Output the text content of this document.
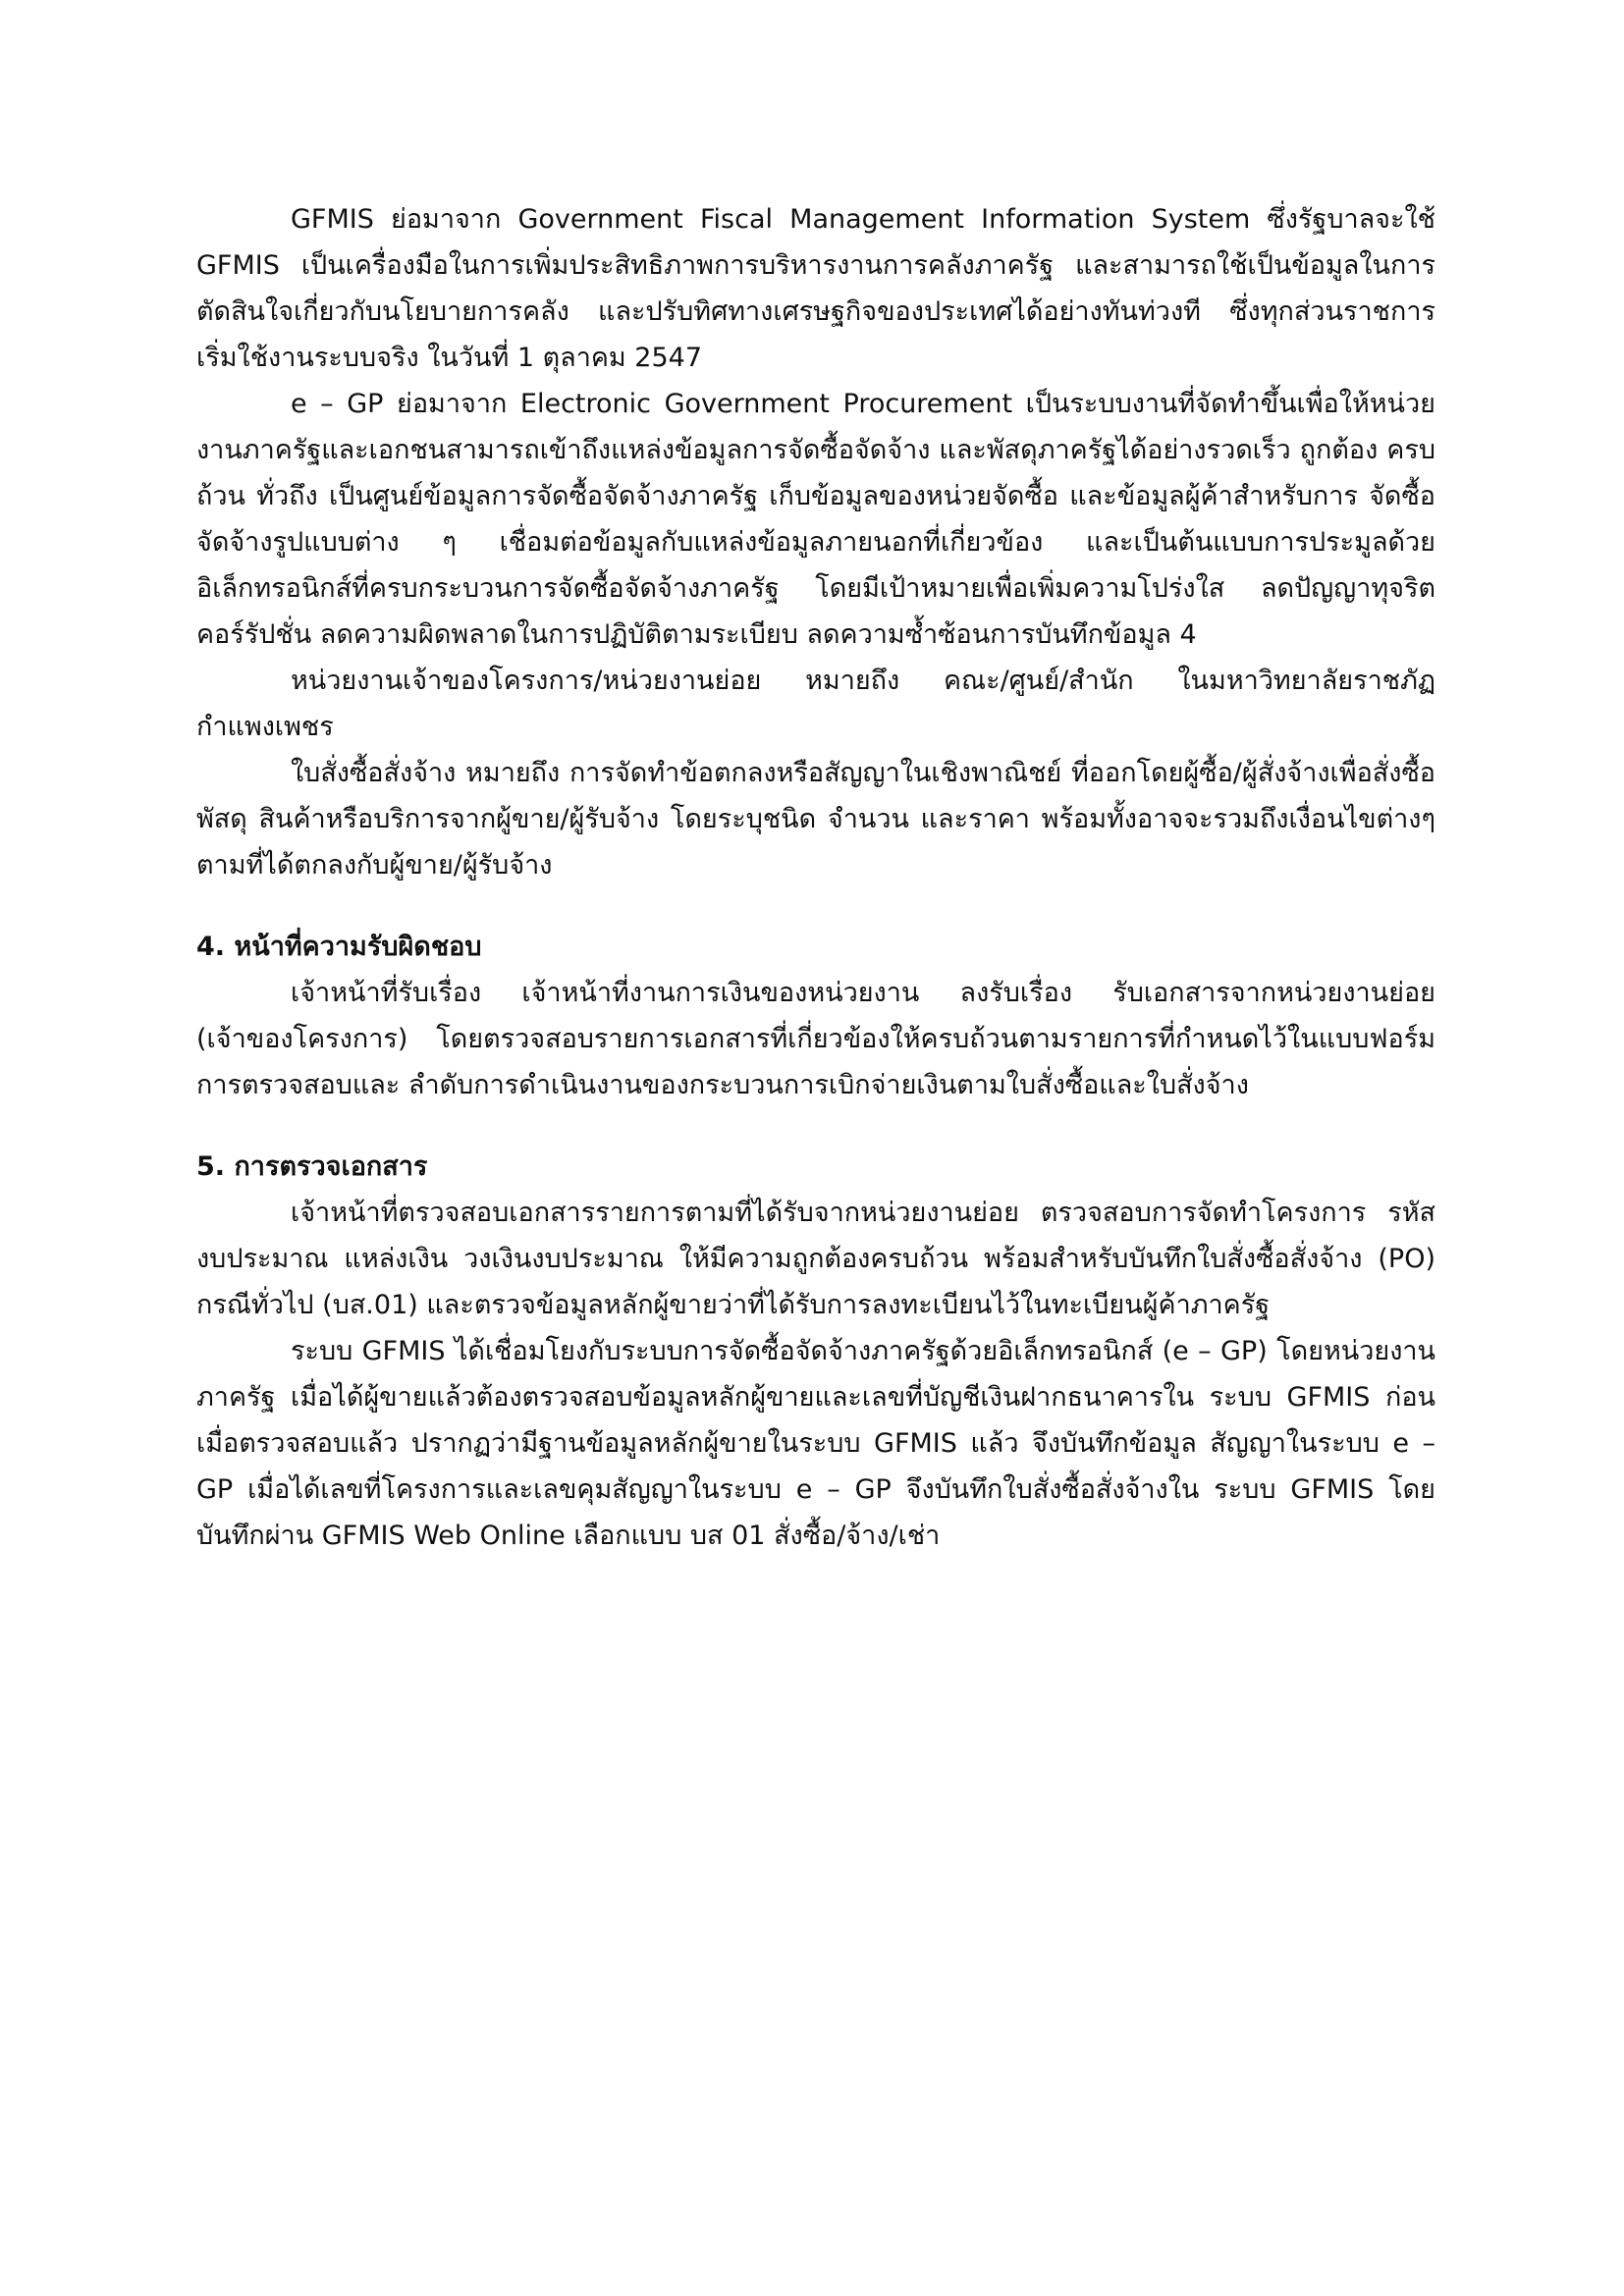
GFMIS ย่อมาจาก Government Fiscal Management Information System ซึ่งรัฐบาลจะใช้ GFMIS เป็นเครื่องมือในการเพิ่มประสิทธิภาพการบริหารงานการคลังภาครัฐ และสามารถใช้เป็นข้อมูลในการตัดสินใจเกี่ยวกับนโยบายการคลัง และปรับทิศทางเศรษฐกิจของประเทศได้อย่างทันท่วงที ซึ่งทุกส่วนราชการเริ่มใช้งานระบบจริง ในวันที่ 1 ตุลาคม 2547

e – GP ย่อมาจาก Electronic Government Procurement เป็นระบบงานที่จัดทำขึ้นเพื่อให้หน่วยงานภาครัฐและเอกชนสามารถเข้าถึงแหล่งข้อมูลการจัดซื้อจัดจ้าง และพัสดุภาครัฐได้อย่างรวดเร็ว ถูกต้อง ครบถ้วน ทั่วถึง เป็นศูนย์ข้อมูลการจัดซื้อจัดจ้างภาครัฐ เก็บข้อมูลของหน่วยจัดซื้อ และข้อมูลผู้ค้าสำหรับการ จัดซื้อจัดจ้างรูปแบบต่าง ๆ เชื่อมต่อข้อมูลกับแหล่งข้อมูลภายนอกที่เกี่ยวข้อง และเป็นต้นแบบการประมูลด้วย อิเล็กทรอนิกส์ที่ครบกระบวนการจัดซื้อจัดจ้างภาครัฐ โดยมีเป้าหมายเพื่อเพิ่มความโปร่งใส ลดปัญญาทุจริต คอร์รัปชั่น ลดความผิดพลาดในการปฏิบัติตามระเบียบ ลดความซ้ำซ้อนการบันทึกข้อมูล 4

หน่วยงานเจ้าของโครงการ/หน่วยงานย่อย หมายถึง คณะ/ศูนย์/สำนัก ในมหาวิทยาลัยราชภัฏกำแพงเพชร

ใบสั่งซื้อสั่งจ้าง หมายถึง การจัดทำข้อตกลงหรือสัญญาในเชิงพาณิชย์ ที่ออกโดยผู้ซื้อ/ผู้สั่งจ้างเพื่อสั่งซื้อพัสดุ สินค้าหรือบริการจากผู้ขาย/ผู้รับจ้าง โดยระบุชนิด จำนวน และราคา พร้อมทั้งอาจจะรวมถึงเงื่อนไขต่างๆ ตามที่ได้ตกลงกับผู้ขาย/ผู้รับจ้าง

4. หน้าที่ความรับผิดชอบ

เจ้าหน้าที่รับเรื่อง เจ้าหน้าที่งานการเงินของหน่วยงาน ลงรับเรื่อง รับเอกสารจากหน่วยงานย่อย (เจ้าของโครงการ) โดยตรวจสอบรายการเอกสารที่เกี่ยวข้องให้ครบถ้วนตามรายการที่กำหนดไว้ในแบบฟอร์มการตรวจสอบและ ลำดับการดำเนินงานของกระบวนการเบิกจ่ายเงินตามใบสั่งซื้อและใบสั่งจ้าง

5. การตรวจเอกสาร

เจ้าหน้าที่ตรวจสอบเอกสารรายการตามที่ได้รับจากหน่วยงานย่อย ตรวจสอบการจัดทำโครงการ รหัสงบประมาณ แหล่งเงิน วงเงินงบประมาณ ให้มีความถูกต้องครบถ้วน พร้อมสำหรับบันทึกใบสั่งซื้อสั่งจ้าง (PO) กรณีทั่วไป (บส.01) และตรวจข้อมูลหลักผู้ขายว่าที่ได้รับการลงทะเบียนไว้ในทะเบียนผู้ค้าภาครัฐ

ระบบ GFMIS ได้เชื่อมโยงกับระบบการจัดซื้อจัดจ้างภาครัฐด้วยอิเล็กทรอนิกส์ (e – GP) โดยหน่วยงานภาครัฐ เมื่อได้ผู้ขายแล้วต้องตรวจสอบข้อมูลหลักผู้ขายและเลขที่บัญชีเงินฝากธนาคารใน ระบบ GFMIS ก่อน เมื่อตรวจสอบแล้ว ปรากฏว่ามีฐานข้อมูลหลักผู้ขายในระบบ GFMIS แล้ว จึงบันทึกข้อมูล สัญญาในระบบ e – GP เมื่อได้เลขที่โครงการและเลขคุมสัญญาในระบบ e – GP จึงบันทึกใบสั่งซื้อสั่งจ้างใน ระบบ GFMIS โดยบันทึกผ่าน GFMIS Web Online เลือกแบบ บส 01 สั่งซื้อ/จ้าง/เช่า
